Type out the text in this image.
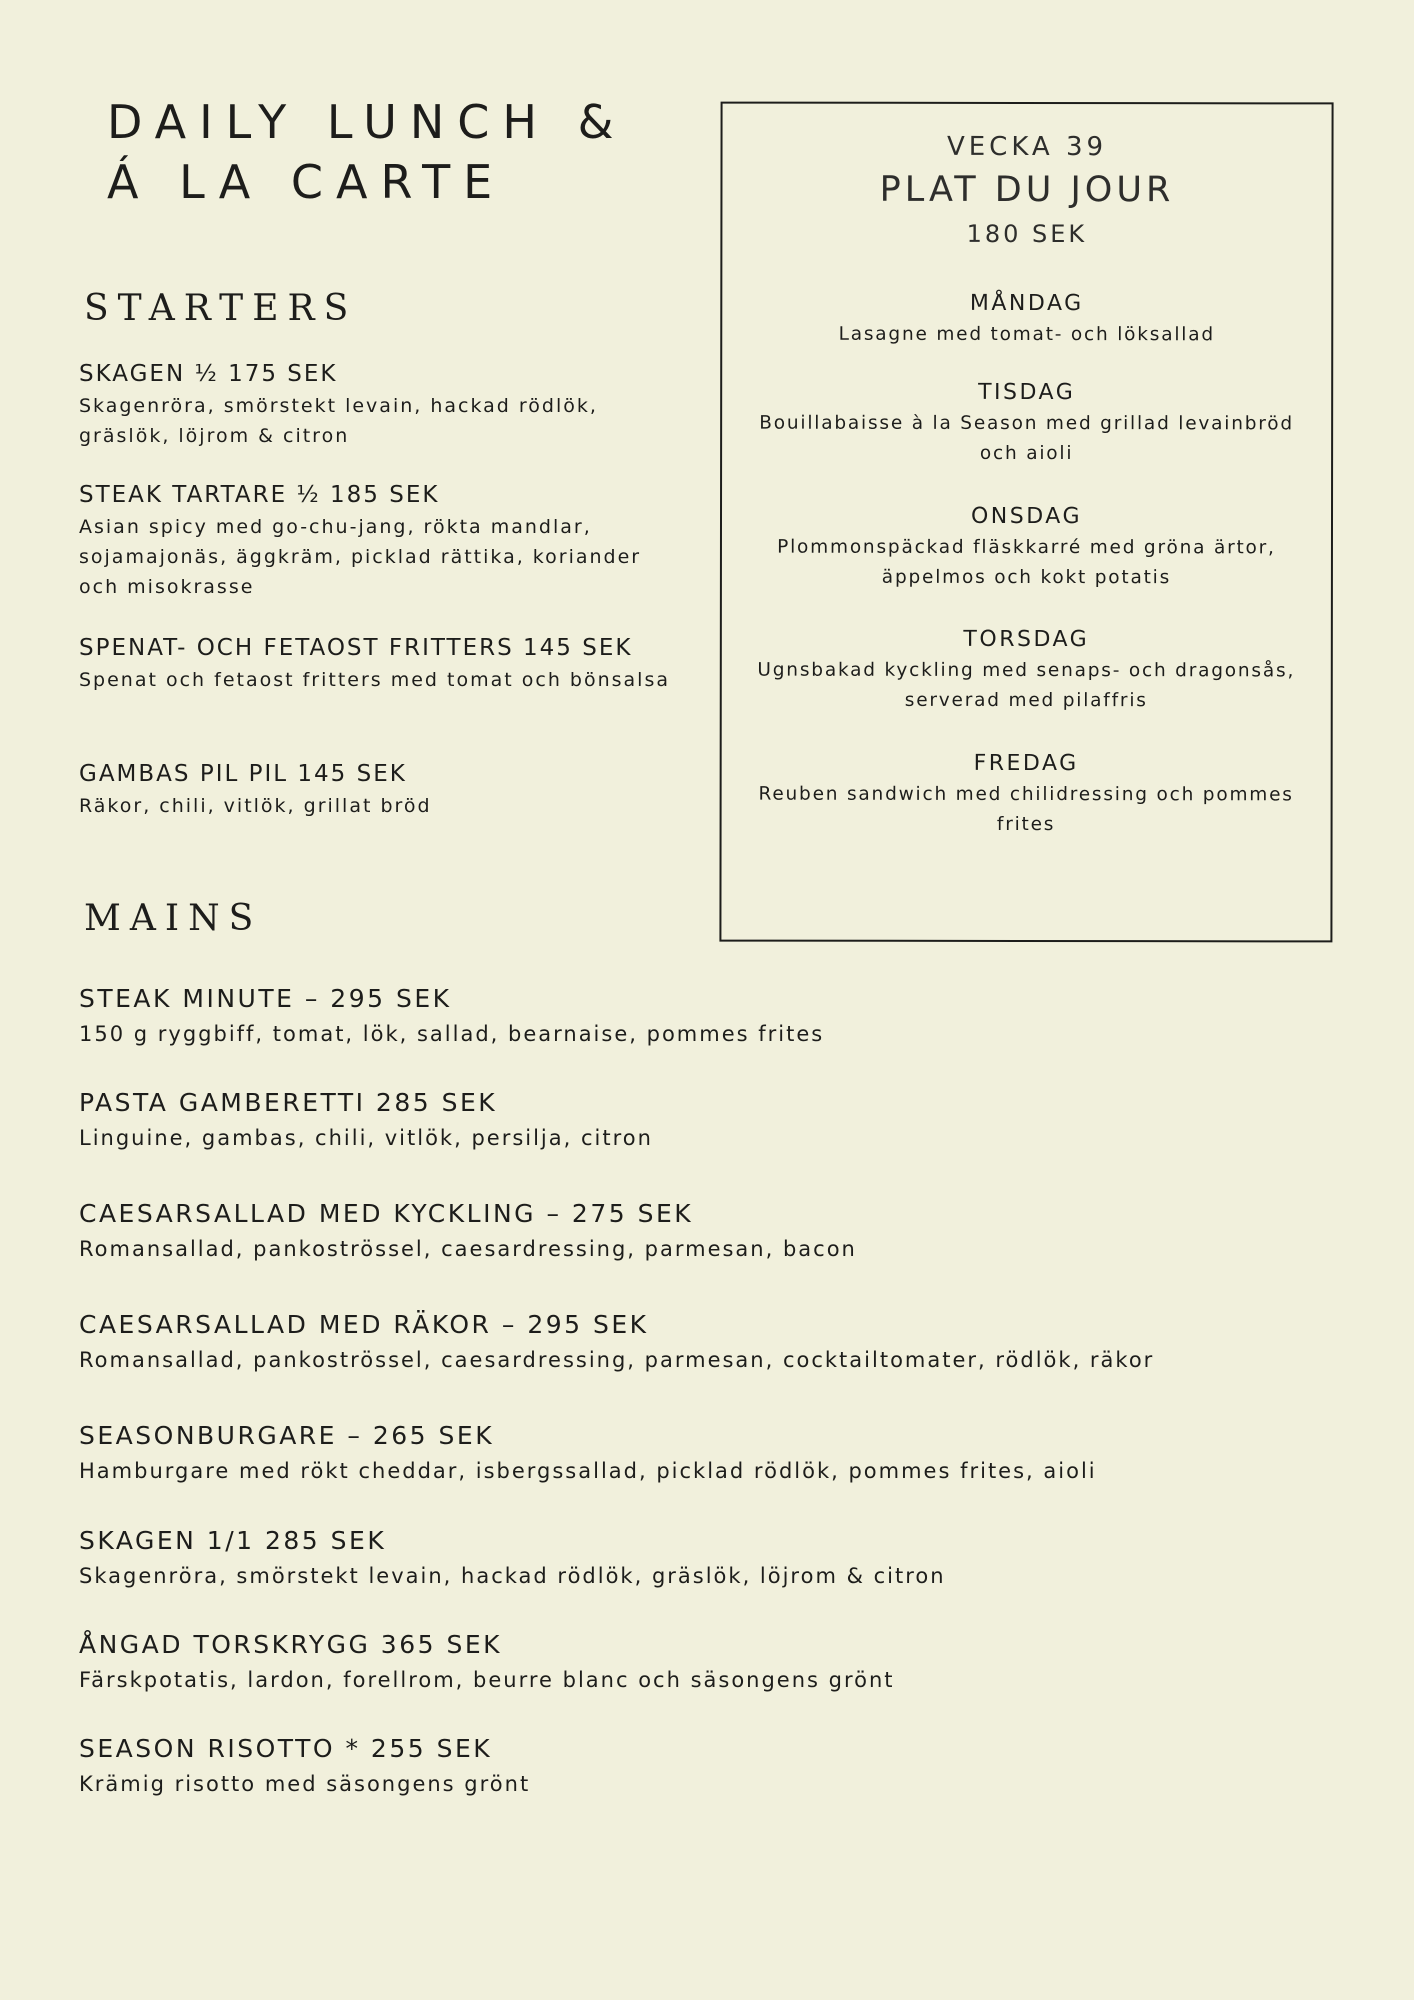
DAILY LUNCH &
Á LA CARTE
STARTERS

SKAGEN ½ 175 SEK

Skagenröra, smörstekt levain, hackad rödlök, gräslök, löjrom & citron

STEAK TARTARE ½ 185 SEK

Asian spicy med go-chu-jang, rökta mandlar, sojamajonäs, äggkräm, picklad rättika, koriander och misokrasse

SPENAT- OCH FETAOST FRITTERS 145 SEK

Spenat och fetaost fritters med tomat och bönsalsa

GAMBAS PIL PIL 145 SEK

Räkor, chili, vitlök, grillat bröd

VECKA 39
PLAT DU JOUR
180 SEK

MÅNDAG

Lasagne med tomat- och löksallad

TISDAG

Bouillabaisse à la Season med grillad levainbröd och aioli

ONSDAG

Plommonspäckad fläskkarré med gröna ärtor, äppelmos och kokt potatis

TORSDAG

Ugnsbakad kyckling med senaps- och dragonsås, serverad med pilaffris

FREDAG

Reuben sandwich med chilidressing och pommes frites

MAINS

STEAK MINUTE – 295 SEK

150 g ryggbiff, tomat, lök, sallad, bearnaise, pommes frites

PASTA GAMBERETTI 285 SEK

Linguine, gambas, chili, vitlök, persilja, citron

CAESARSALLAD MED KYCKLING – 275 SEK

Romansallad, pankoströssel, caesardressing, parmesan, bacon

CAESARSALLAD MED RÄKOR – 295 SEK

Romansallad, pankoströssel, caesardressing, parmesan, cocktailtomater, rödlök, räkor

SEASONBURGARE – 265 SEK

Hamburgare med rökt cheddar, isbergssallad, picklad rödlök, pommes frites, aioli

SKAGEN 1/1 285 SEK

Skagenröra, smörstekt levain, hackad rödlök, gräslök, löjrom & citron

ÅNGAD TORSKRYGG 365 SEK

Färskpotatis, lardon, forellrom, beurre blanc och säsongens grönt

SEASON RISOTTO * 255 SEK

Krämig risotto med säsongens grönt
